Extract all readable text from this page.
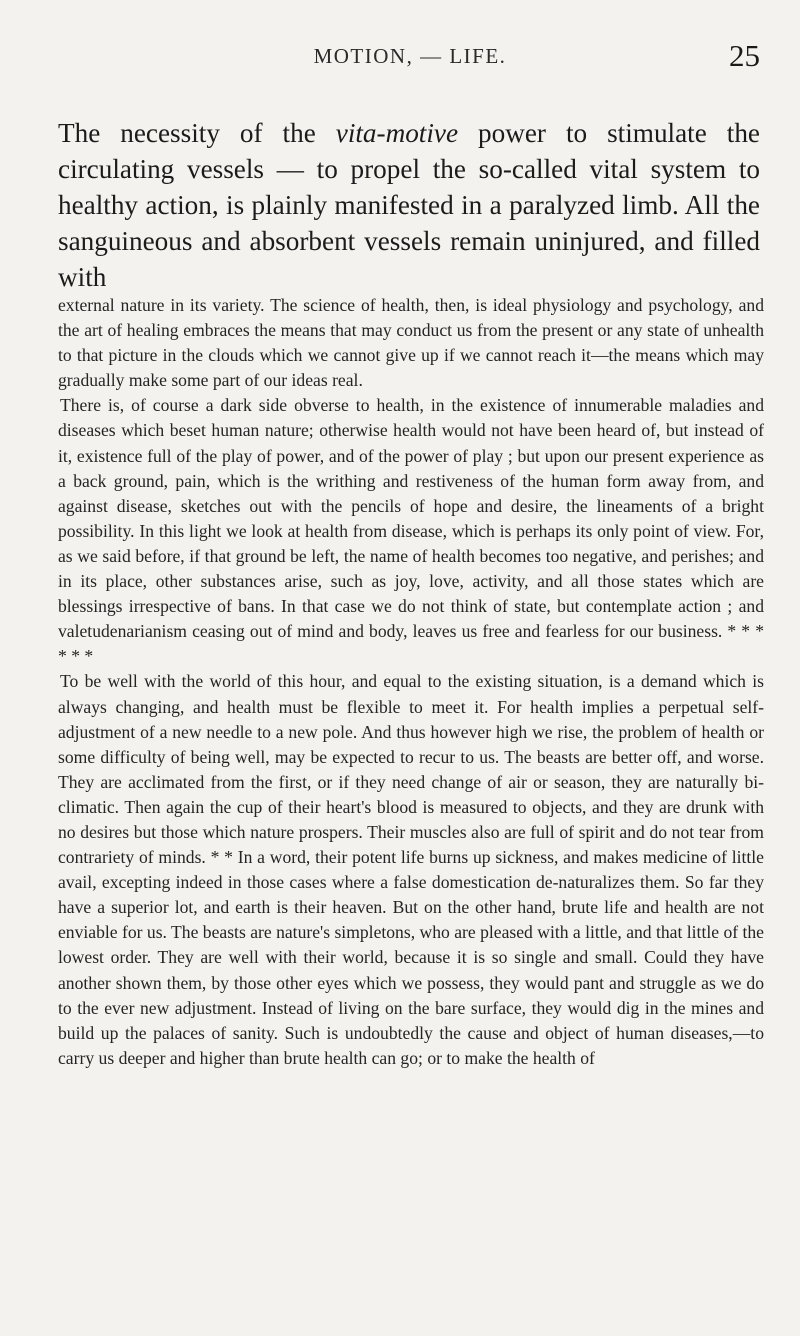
MOTION, — LIFE.	25
The necessity of the vita-motive power to stimulate the circulating vessels — to propel the so-called vital system to healthy action, is plainly manifested in a paralyzed limb. All the sanguineous and absorbent vessels remain uninjured, and filled with

external nature in its variety. The science of health, then, is ideal physiology and psychology, and the art of healing embraces the means that may conduct us from the present or any state of unhealth to that picture in the clouds which we cannot give up if we cannot reach it—the means which may gradually make some part of our ideas real.

There is, of course a dark side obverse to health, in the existence of innumerable maladies and diseases which beset human nature; otherwise health would not have been heard of, but instead of it, existence full of the play of power, and of the power of play ; but upon our present experience as a back ground, pain, which is the writhing and restiveness of the human form away from, and against disease, sketches out with the pencils of hope and desire, the lineaments of a bright possibility. In this light we look at health from disease, which is perhaps its only point of view. For, as we said before, if that ground be left, the name of health becomes too negative, and perishes; and in its place, other substances arise, such as joy, love, activity, and all those states which are blessings irrespective of bans. In that case we do not think of state, but contemplate action ; and valetudenarianism ceasing out of mind and body, leaves us free and fearless for our business. * * * * * *

To be well with the world of this hour, and equal to the existing situation, is a demand which is always changing, and health must be flexible to meet it. For health implies a perpetual self-adjustment of a new needle to a new pole. And thus however high we rise, the problem of health or some difficulty of being well, may be expected to recur to us. The beasts are better off, and worse. They are acclimated from the first, or if they need change of air or season, they are naturally bi-climatic. Then again the cup of their heart's blood is measured to objects, and they are drunk with no desires but those which nature prospers. Their muscles also are full of spirit and do not tear from contrariety of minds. * * In a word, their potent life burns up sickness, and makes medicine of little avail, excepting indeed in those cases where a false domestication de-naturalizes them. So far they have a superior lot, and earth is their heaven. But on the other hand, brute life and health are not enviable for us. The beasts are nature's simpletons, who are pleased with a little, and that little of the lowest order. They are well with their world, because it is so single and small. Could they have another shown them, by those other eyes which we possess, they would pant and struggle as we do to the ever new adjustment. Instead of living on the bare surface, they would dig in the mines and build up the palaces of sanity. Such is undoubtedly the cause and object of human diseases,—to carry us deeper and higher than brute health can go; or to make the health of
